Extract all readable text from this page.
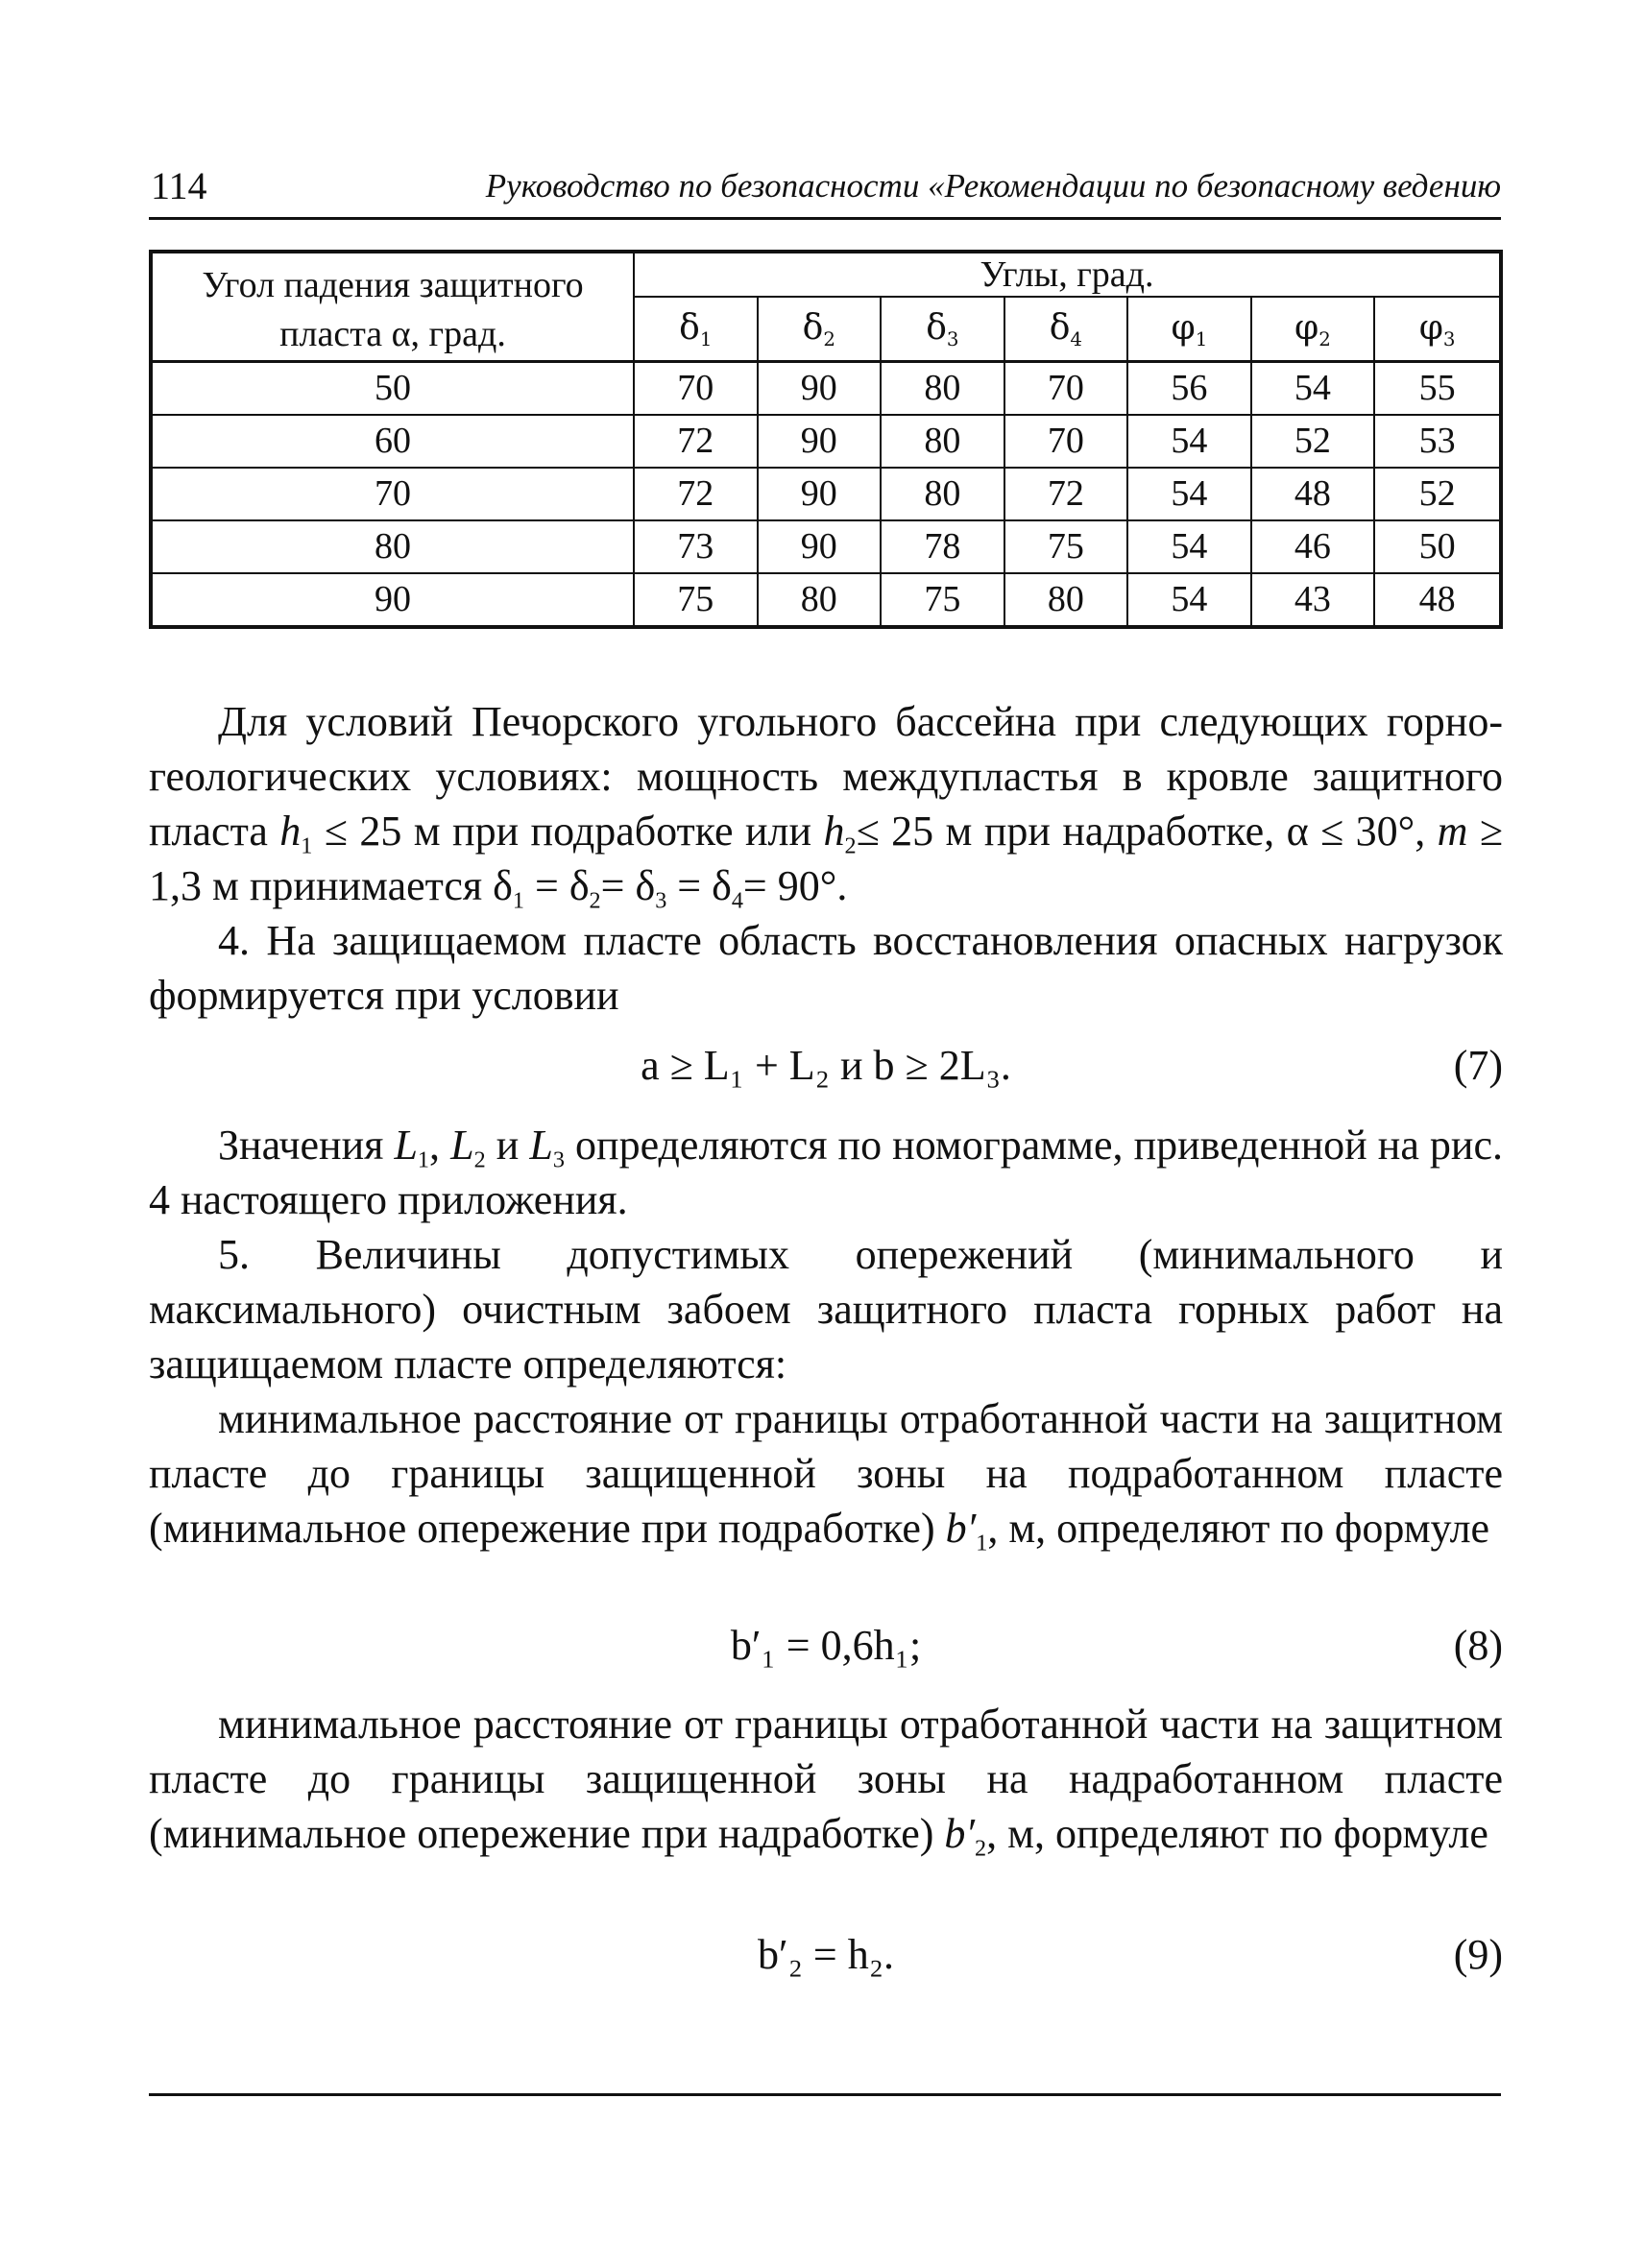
114	Руководство по безопасности «Рекомендации по безопасному ведению
Угол падения защитного пласта α, град.	Углы, град.						
	$\delta_1$	$\delta_2$	$\delta_3$	$\delta_4$	$\varphi_1$	$\varphi_2$	$\varphi_3$
50	70	90	80	70	56	54	55
60	72	90	80	70	54	52	53
70	72	90	80	72	54	48	52
80	73	90	78	75	54	46	50
90	75	80	75	80	54	43	48

Для условий Печорского угольного бассейна при следующих горно-геологических условиях: мощность междупластья в кровле защитного пласта $h_1 \le 25$ м при подработке или $h_2\le 25$ м при надработке, α ≤ 30°, m ≥ 1,3 м принимается $\delta_1 = \delta_2= \delta_3 = \delta_4= 90^\circ$.

4. На защищаемом пласте область восстановления опасных нагрузок формируется при условии

a ≥ L₁ + L₂ и b ≥ 2L₃.	(7)

Значения $L_1$, $L_2$ и $L_3$ определяются по номограмме, приведенной на рис. 4 настоящего приложения.

5. Величины допустимых опережений (минимального и максимального) очистным забоем защитного пласта горных работ на защищаемом пласте определяются:

минимальное расстояние от границы отработанной части на защитном пласте до границы защищенной зоны на подработанном пласте (минимальное опережение при подработке) $b'_1$, м, определяют по формуле

b′₁ = 0,6h₁;	(8)

минимальное расстояние от границы отработанной части на защитном пласте до границы защищенной зоны на надработанном пласте (минимальное опережение при надработке) $b'_2$, м, определяют по формуле

b′₂ = h₂.	(9)
